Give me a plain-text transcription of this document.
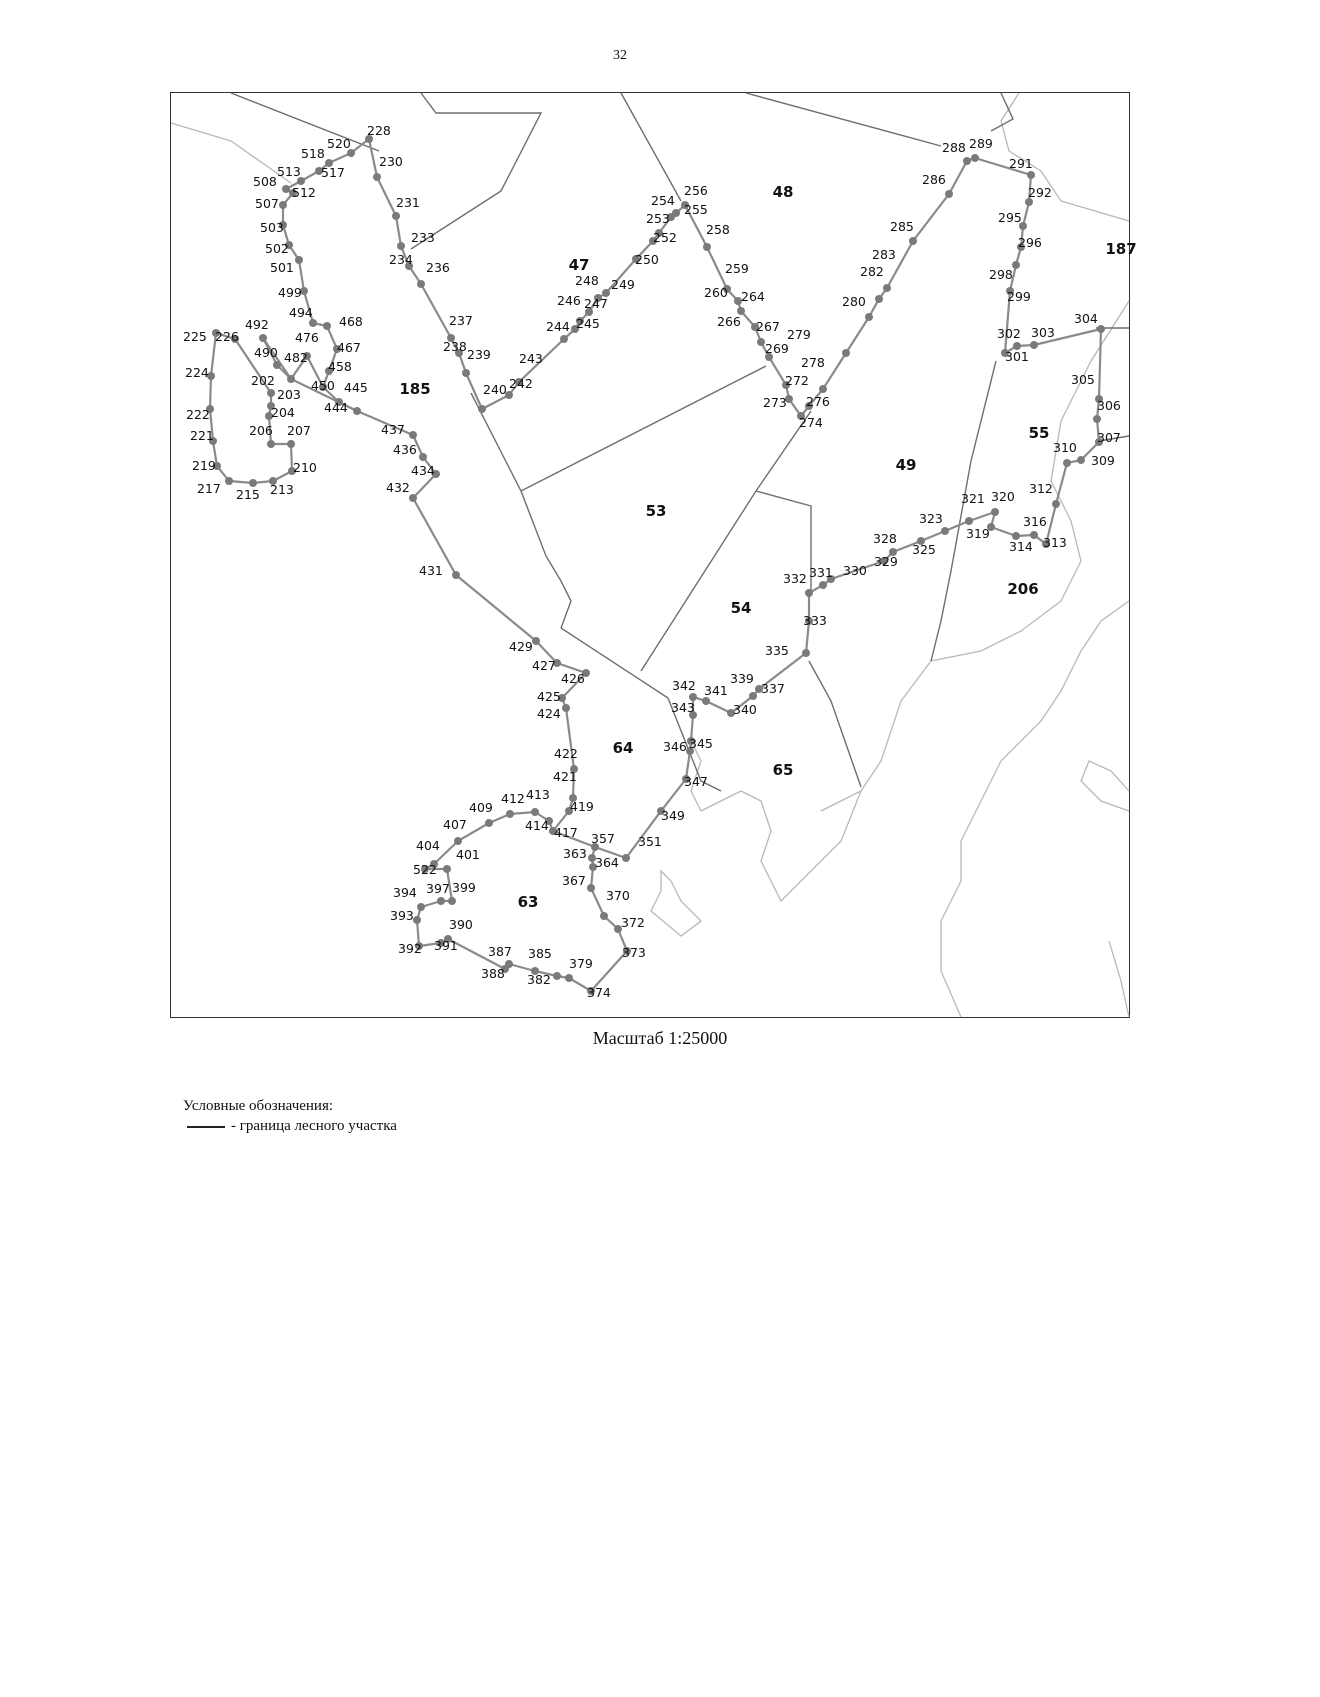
32
228
230
231
233
234
236
237
238
239
240 242
243
244 245
246 247
248 249
250
252
253
254
255
256
258
259
260 264
266 267
269
272
273
274
276
278
279
280
282
283
285
286
288 289
291
292
295
296
298
299
301
302 303
304
305
306
307
309
310
312
313
314
316
319
320
321
323
325
328
329
330
331
332
333
335
337
339
340
341
342
343
345
346
347
349
351
357
363
364
367
370
372
373
374
379
382
385
387
388
390
391
392
393
394 397 399
401
404
407
409
412 413
414 417
419
421
422
424
425
426
427
429
431
432
434
436
437
444
445
450
458
467
468
476
482
490
492
494
499
501
502
503
507
508
512
513 517
518
520
522
202
203
204
206 207
210
213
215
217
219
221
222
224
225 226
48
47
185
187
55
49
53
206
54
64
65
63
Масштаб 1:25000
Условные обозначения:
- граница лесного участка
